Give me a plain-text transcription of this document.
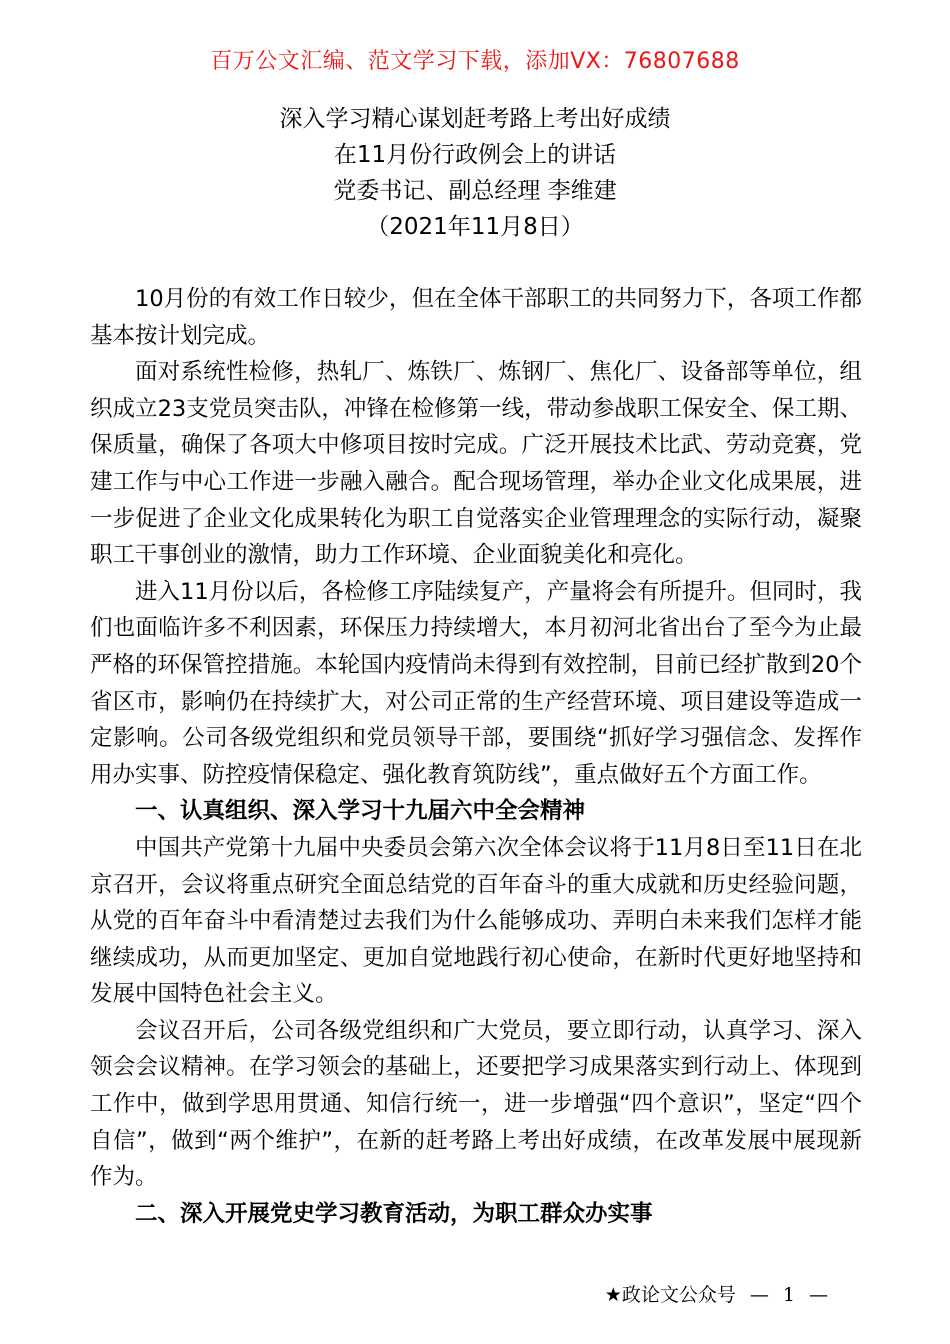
百万公文汇编、范文学习下载，添加VX：76807688
深入学习精心谋划赶考路上考出好成绩
在11月份行政例会上的讲话
党委书记、副总经理 李维建
（2021年11月8日）

10月份的有效工作日较少，但在全体干部职工的共同努力下，各项工作都基本按计划完成。

面对系统性检修，热轧厂、炼铁厂、炼钢厂、焦化厂、设备部等单位，组织成立23支党员突击队，冲锋在检修第一线，带动参战职工保安全、保工期、保质量，确保了各项大中修项目按时完成。广泛开展技术比武、劳动竞赛，党建工作与中心工作进一步融入融合。配合现场管理，举办企业文化成果展，进一步促进了企业文化成果转化为职工自觉落实企业管理理念的实际行动，凝聚职工干事创业的激情，助力工作环境、企业面貌美化和亮化。

进入11月份以后，各检修工序陆续复产，产量将会有所提升。但同时，我们也面临许多不利因素，环保压力持续增大，本月初河北省出台了至今为止最严格的环保管控措施。本轮国内疫情尚未得到有效控制，目前已经扩散到20个省区市，影响仍在持续扩大，对公司正常的生产经营环境、项目建设等造成一定影响。公司各级党组织和党员领导干部，要围绕“抓好学习强信念、发挥作用办实事、防控疫情保稳定、强化教育筑防线”，重点做好五个方面工作。

一、认真组织、深入学习十九届六中全会精神

中国共产党第十九届中央委员会第六次全体会议将于11月8日至11日在北京召开，会议将重点研究全面总结党的百年奋斗的重大成就和历史经验问题，从党的百年奋斗中看清楚过去我们为什么能够成功、弄明白未来我们怎样才能继续成功，从而更加坚定、更加自觉地践行初心使命，在新时代更好地坚持和发展中国特色社会主义。

会议召开后，公司各级党组织和广大党员，要立即行动，认真学习、深入领会会议精神。在学习领会的基础上，还要把学习成果落实到行动上、体现到工作中，做到学思用贯通、知信行统一，进一步增强“四个意识”，坚定“四个自信”，做到“两个维护”，在新的赶考路上考出好成绩，在改革发展中展现新作为。

二、深入开展党史学习教育活动，为职工群众办实事

★政论文公众号 — 1 —
